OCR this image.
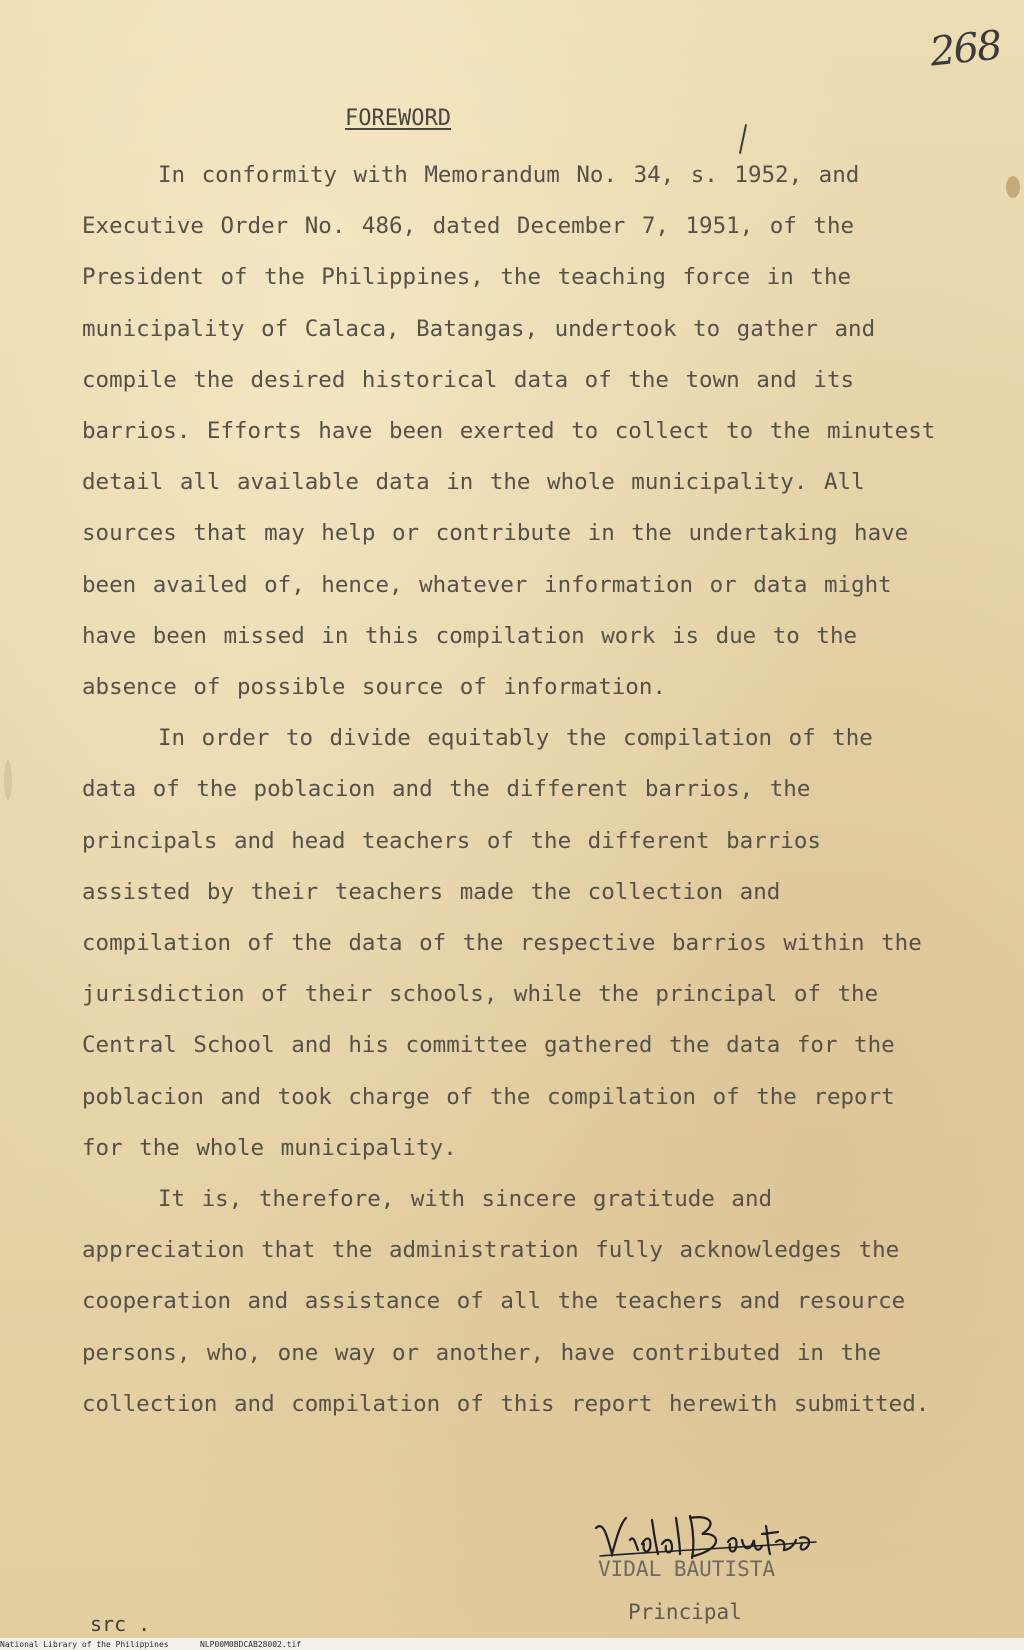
268
FOREWORD

In conformity with Memorandum No. 34, s. 1952, and Executive Order No. 486, dated December 7, 1951, of the President of the Philippines, the teaching force in the municipality of Calaca, Batangas, undertook to gather and compile the desired historical data of the town and its barrios. Efforts have been exerted to collect to the minutest detail all available data in the whole municipality. All sources that may help or contribute in the undertaking have been availed of, hence, whatever information or data might have been missed in this compilation work is due to the absence of possible source of information.

In order to divide equitably the compilation of the data of the poblacion and the different barrios, the principals and head teachers of the different barrios assisted by their teachers made the collection and compilation of the data of the respective barrios within the jurisdiction of their schools, while the principal of the Central School and his committee gathered the data for the poblacion and took charge of the compilation of the report for the whole municipality.

It is, therefore, with sincere gratitude and appreciation that the administration fully acknowledges the cooperation and assistance of all the teachers and resource persons, who, one way or another, have contributed in the collection and compilation of this report herewith submitted.

VIDAL BAUTISTA
Principal
src .
National Library of the Philippines	NLP00M0BDCAB28002.tif
